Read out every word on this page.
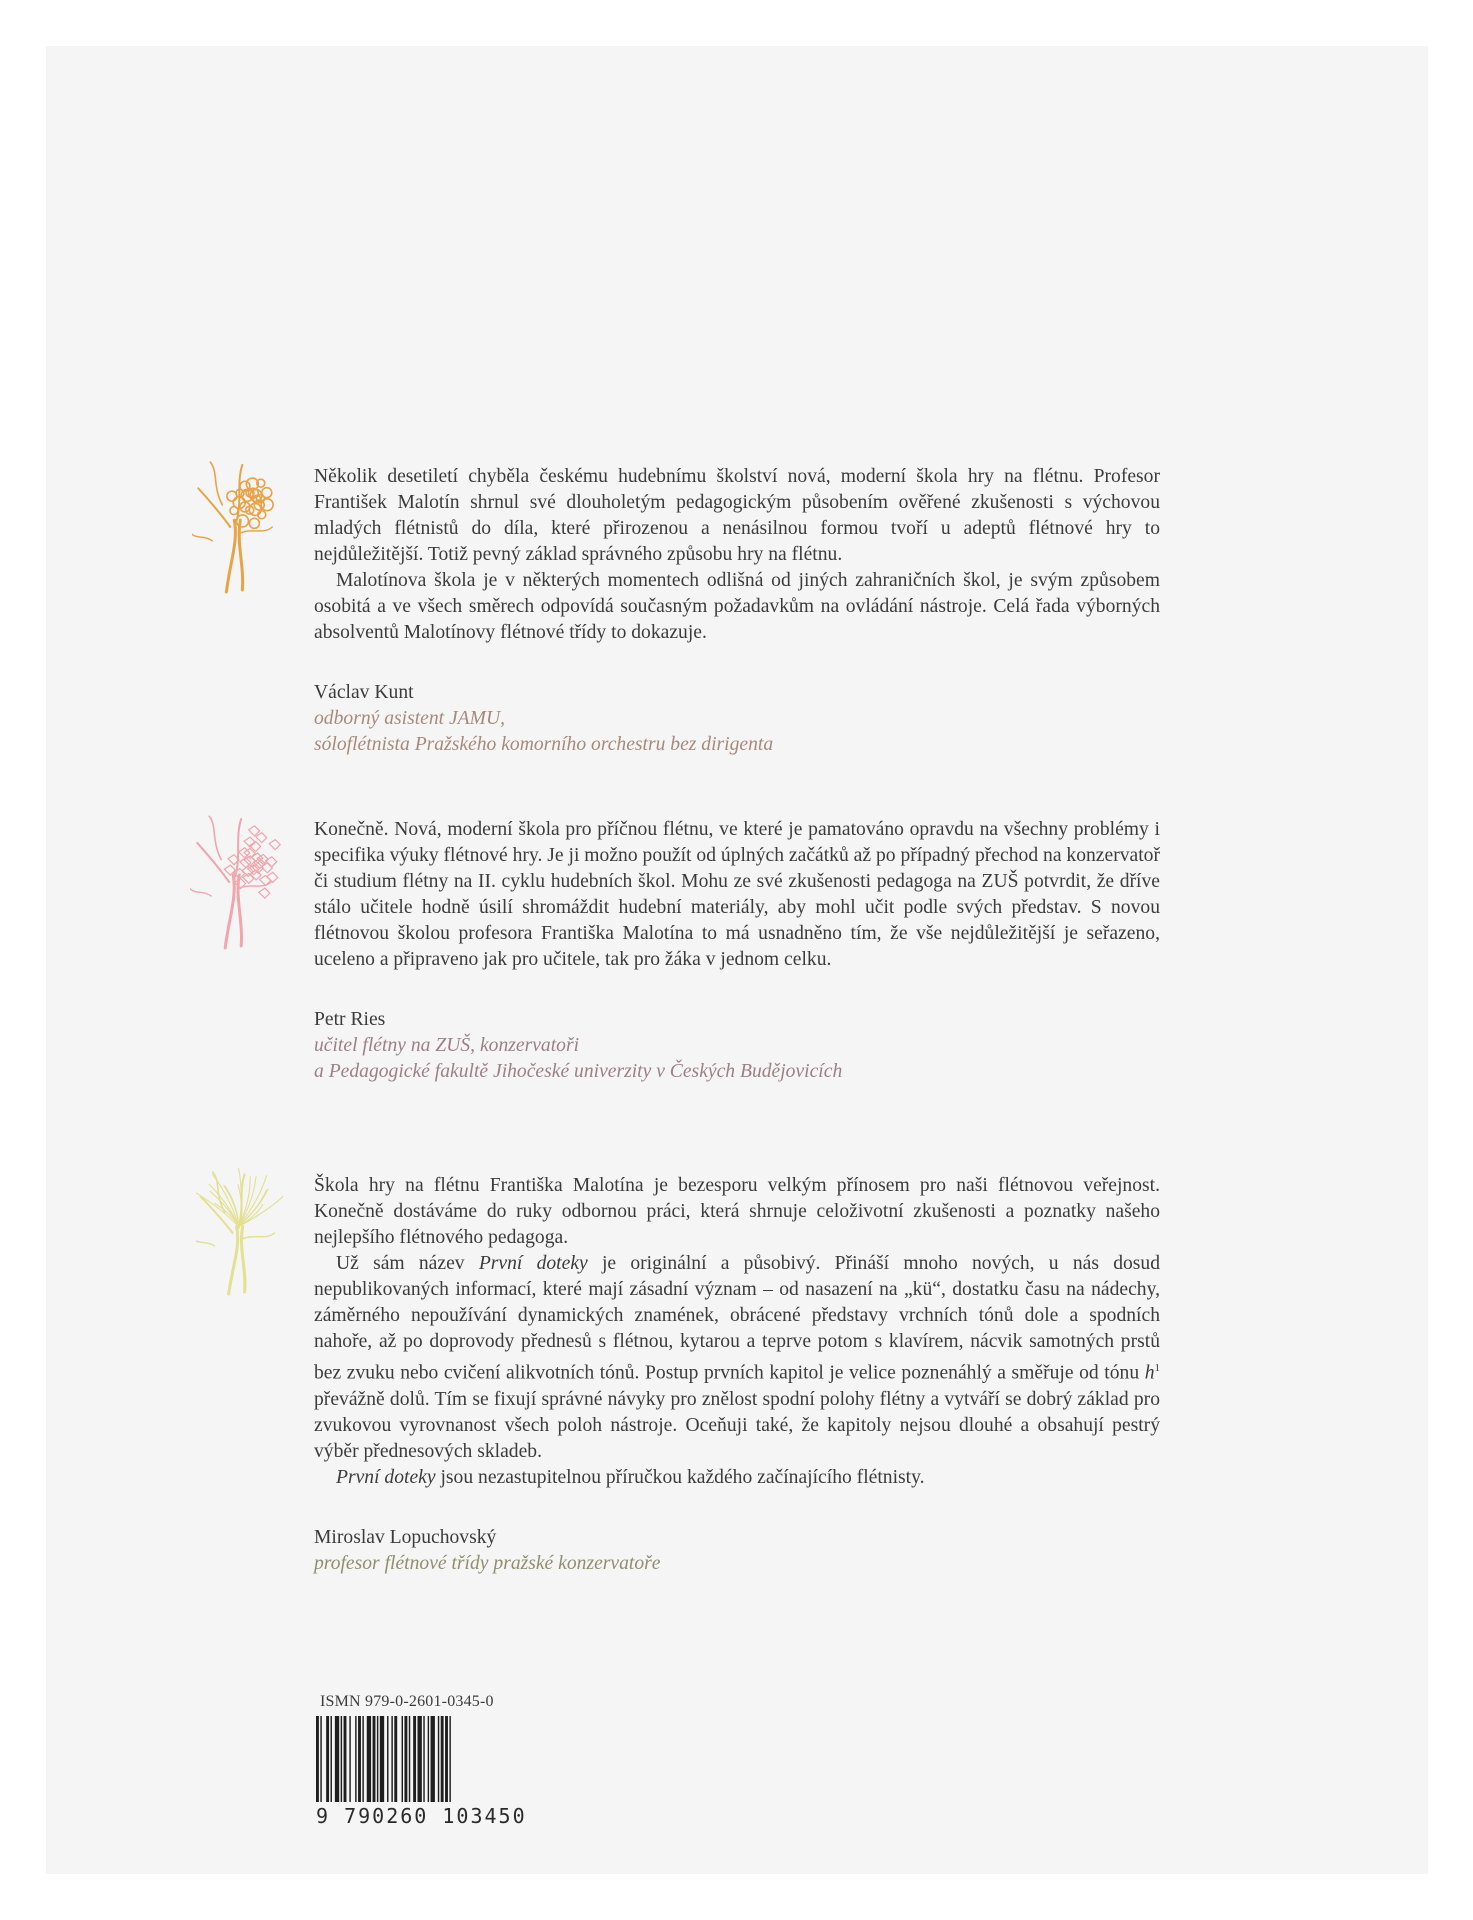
Několik desetiletí chyběla českému hudebnímu školství nová, moderní škola hry na flétnu. Profesor František Malotín shrnul své dlouholetým pedagogickým působením ověřené zkušenosti s výchovou mladých flétnistů do díla, které přirozenou a nenásilnou formou tvoří u adeptů flétnové hry to nejdůležitější. Totiž pevný základ správného způsobu hry na flétnu.

Malotínova škola je v některých momentech odlišná od jiných zahraničních škol, je svým způsobem osobitá a ve všech směrech odpovídá současným požadavkům na ovládání nástroje. Celá řada výborných absolventů Malotínovy flétnové třídy to dokazuje.

Václav Kunt

odborný asistent JAMU,

sóloflétnista Pražského komorního orchestru bez dirigenta

Konečně. Nová, moderní škola pro příčnou flétnu, ve které je pamatováno opravdu na všechny problémy i specifika výuky flétnové hry. Je ji možno použít od úplných začátků až po případný přechod na konzervatoř či studium flétny na II. cyklu hudebních škol. Mohu ze své zkušenosti pedagoga na ZUŠ potvrdit, že dříve stálo učitele hodně úsilí shromáždit hudební materiály, aby mohl učit podle svých představ. S novou flétnovou školou profesora Františka Malotína to má usnadněno tím, že vše nejdůležitější je seřazeno, uceleno a připraveno jak pro učitele, tak pro žáka v jednom celku.

Petr Ries

učitel flétny na ZUŠ, konzervatoři

a Pedagogické fakultě Jihočeské univerzity v Českých Budějovicích

Škola hry na flétnu Františka Malotína je bezesporu velkým přínosem pro naši flétnovou veřejnost. Konečně dostáváme do ruky odbornou práci, která shrnuje celoživotní zkušenosti a poznatky našeho nejlepšího flétnového pedagoga.

Už sám název První doteky je originální a působivý. Přináší mnoho nových, u nás dosud nepublikovaných informací, které mají zásadní význam – od nasazení na „kü“, dostatku času na nádechy, záměrného nepoužívání dynamických znamének, obrácené představy vrchních tónů dole a spodních nahoře, až po doprovody přednesů s flétnou, kytarou a teprve potom s klavírem, nácvik samotných prstů bez zvuku nebo cvičení alikvotních tónů. Postup prvních kapitol je velice poznenáhlý a směřuje od tónu $h^1$ převážně dolů. Tím se fixují správné návyky pro znělost spodní polohy flétny a vytváří se dobrý základ pro zvukovou vyrovnanost všech poloh nástroje. Oceňuji také, že kapitoly nejsou dlouhé a obsahují pestrý výběr přednesových skladeb.

První doteky jsou nezastupitelnou příručkou každého začínajícího flétnisty.

Miroslav Lopuchovský

profesor flétnové třídy pražské konzervatoře

ISMN 979-0-2601-0345-0
9 790260 103450
